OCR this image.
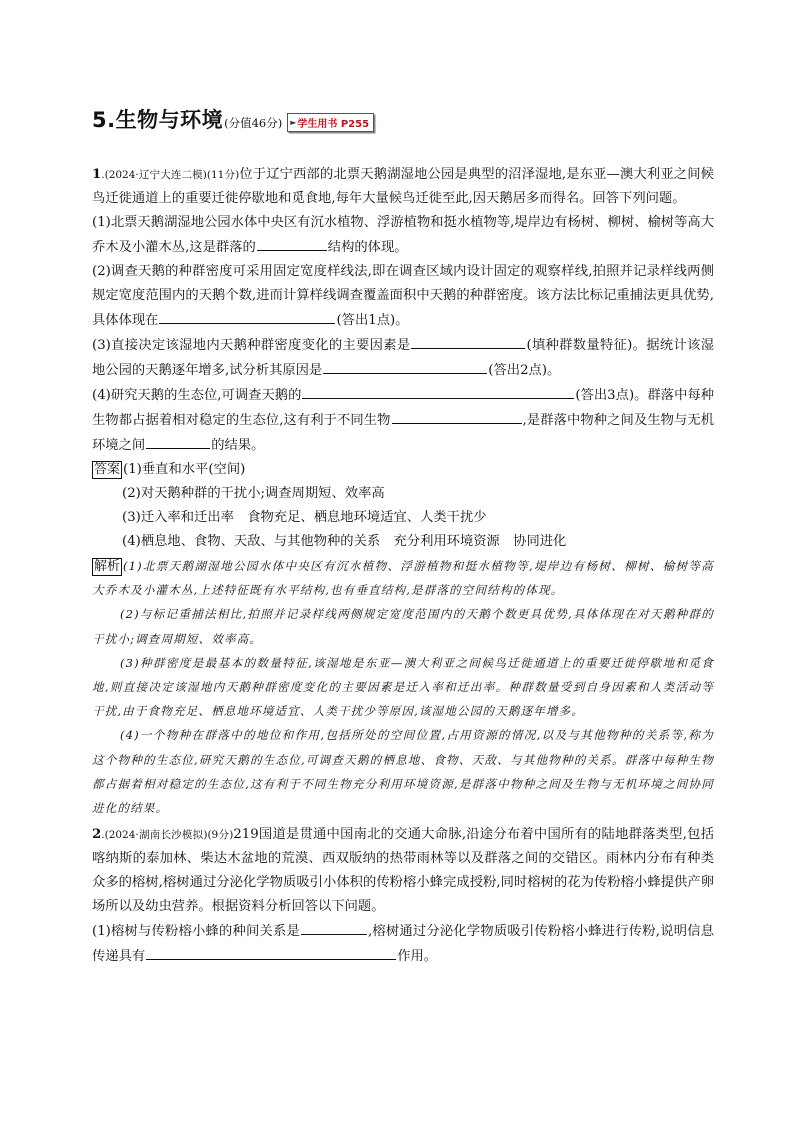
5.生物与环境 (分值46分) ► 学生用书 P255

1.(2024·辽宁大连二模)(11分)位于辽宁西部的北票天鹅湖湿地公园是典型的沼泽湿地,是东亚—澳大利亚之间候鸟迁徙通道上的重要迁徙停歇地和觅食地,每年大量候鸟迁徙至此,因天鹅居多而得名。回答下列问题。

(1)北票天鹅湖湿地公园水体中央区有沉水植物、浮游植物和挺水植物等,堤岸边有杨树、柳树、榆树等高大乔木及小灌木丛,这是群落的	结构的体现。

(2)调查天鹅的种群密度可采用固定宽度样线法,即在调查区域内设计固定的观察样线,拍照并记录样线两侧规定宽度范围内的天鹅个数,进而计算样线调查覆盖面积中天鹅的种群密度。该方法比标记重捕法更具优势,具体体现在	(答出1点)。

(3)直接决定该湿地内天鹅种群密度变化的主要因素是	(填种群数量特征)。据统计该湿地公园的天鹅逐年增多,试分析其原因是	(答出2点)。

(4)研究天鹅的生态位,可调查天鹅的	(答出3点)。群落中每种生物都占据着相对稳定的生态位,这有利于不同生物	,是群落中物种之间及生物与无机环境之间	的结果。

答案 (1)垂直和水平(空间)

(2)对天鹅种群的干扰小;调查周期短、效率高

(3)迁入率和迁出率　食物充足、栖息地环境适宜、人类干扰少

(4)栖息地、食物、天敌、与其他物种的关系　充分利用环境资源　协同进化

解析 (1)北票天鹅湖湿地公园水体中央区有沉水植物、浮游植物和挺水植物等,堤岸边有杨树、柳树、榆树等高大乔木及小灌木丛,上述特征既有水平结构,也有垂直结构,是群落的空间结构的体现。

(2)与标记重捕法相比,拍照并记录样线两侧规定宽度范围内的天鹅个数更具优势,具体体现在对天鹅种群的干扰小;调查周期短、效率高。

(3)种群密度是最基本的数量特征,该湿地是东亚—澳大利亚之间候鸟迁徙通道上的重要迁徙停歇地和觅食地,则直接决定该湿地内天鹅种群密度变化的主要因素是迁入率和迁出率。种群数量受到自身因素和人类活动等干扰,由于食物充足、栖息地环境适宜、人类干扰少等原因,该湿地公园的天鹅逐年增多。

(4)一个物种在群落中的地位和作用,包括所处的空间位置,占用资源的情况,以及与其他物种的关系等,称为这个物种的生态位,研究天鹅的生态位,可调查天鹅的栖息地、食物、天敌、与其他物种的关系。群落中每种生物都占据着相对稳定的生态位,这有利于不同生物充分利用环境资源,是群落中物种之间及生物与无机环境之间协同进化的结果。

2.(2024·湖南长沙模拟)(9分)219国道是贯通中国南北的交通大命脉,沿途分布着中国所有的陆地群落类型,包括喀纳斯的泰加林、柴达木盆地的荒漠、西双版纳的热带雨林等以及群落之间的交错区。雨林内分布有种类众多的榕树,榕树通过分泌化学物质吸引小体积的传粉榕小蜂完成授粉,同时榕树的花为传粉榕小蜂提供产卵场所以及幼虫营养。根据资料分析回答以下问题。

(1)榕树与传粉榕小蜂的种间关系是	,榕树通过分泌化学物质吸引传粉榕小蜂进行传粉,说明信息传递具有	作用。
